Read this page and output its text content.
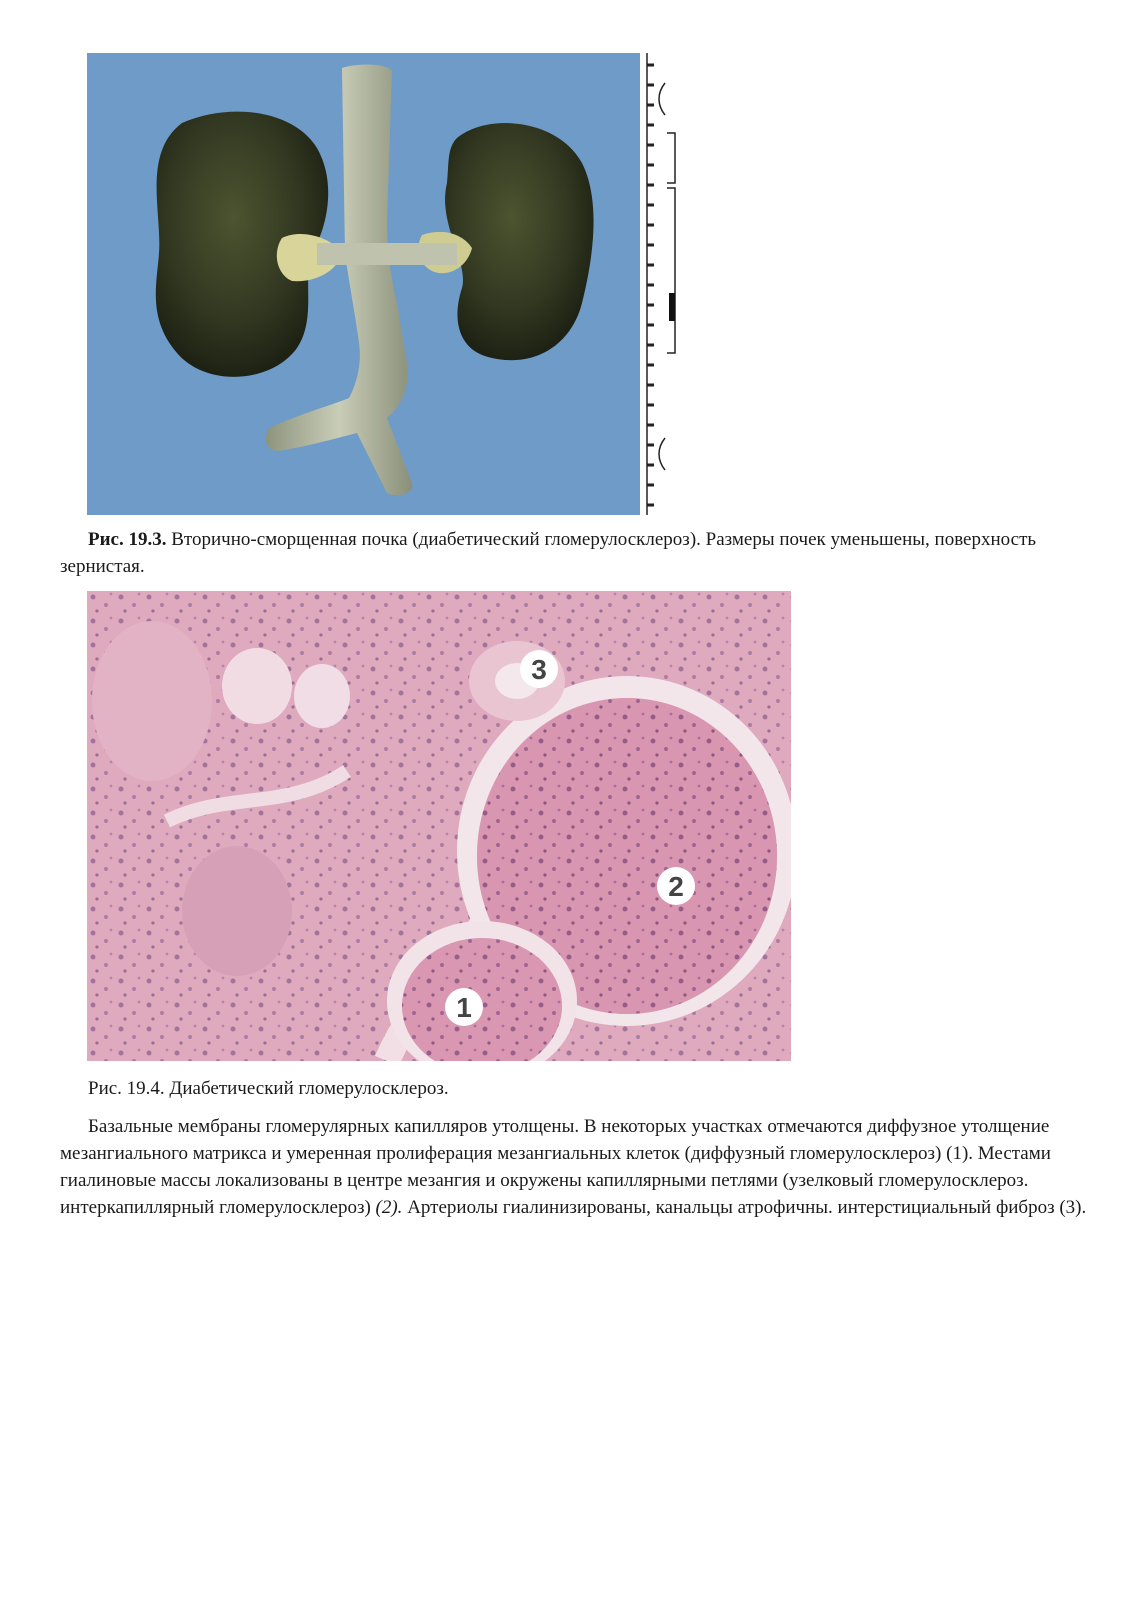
Рис. 19.3. Вторично-сморщенная почка (диабетический гломерулосклероз). Размеры почек уменьшены, поверхность зернистая.
3
2
1
Рис. 19.4. Диабетический гломерулосклероз.

Базальные мембраны гломерулярных капилляров утолщены. В некоторых участках отмечаются диффузное утолщение мезангиального матрикса и умеренная пролиферация мезангиальных клеток (диффузный гломерулосклероз) (1). Местами гиалиновые массы локализованы в центре мезангия и окружены капиллярными петлями (узелковый гломерулосклероз. интеркапиллярный гломерулосклероз) (2). Артериолы гиалинизированы, канальцы атрофичны. интерстициальный фиброз (3).
